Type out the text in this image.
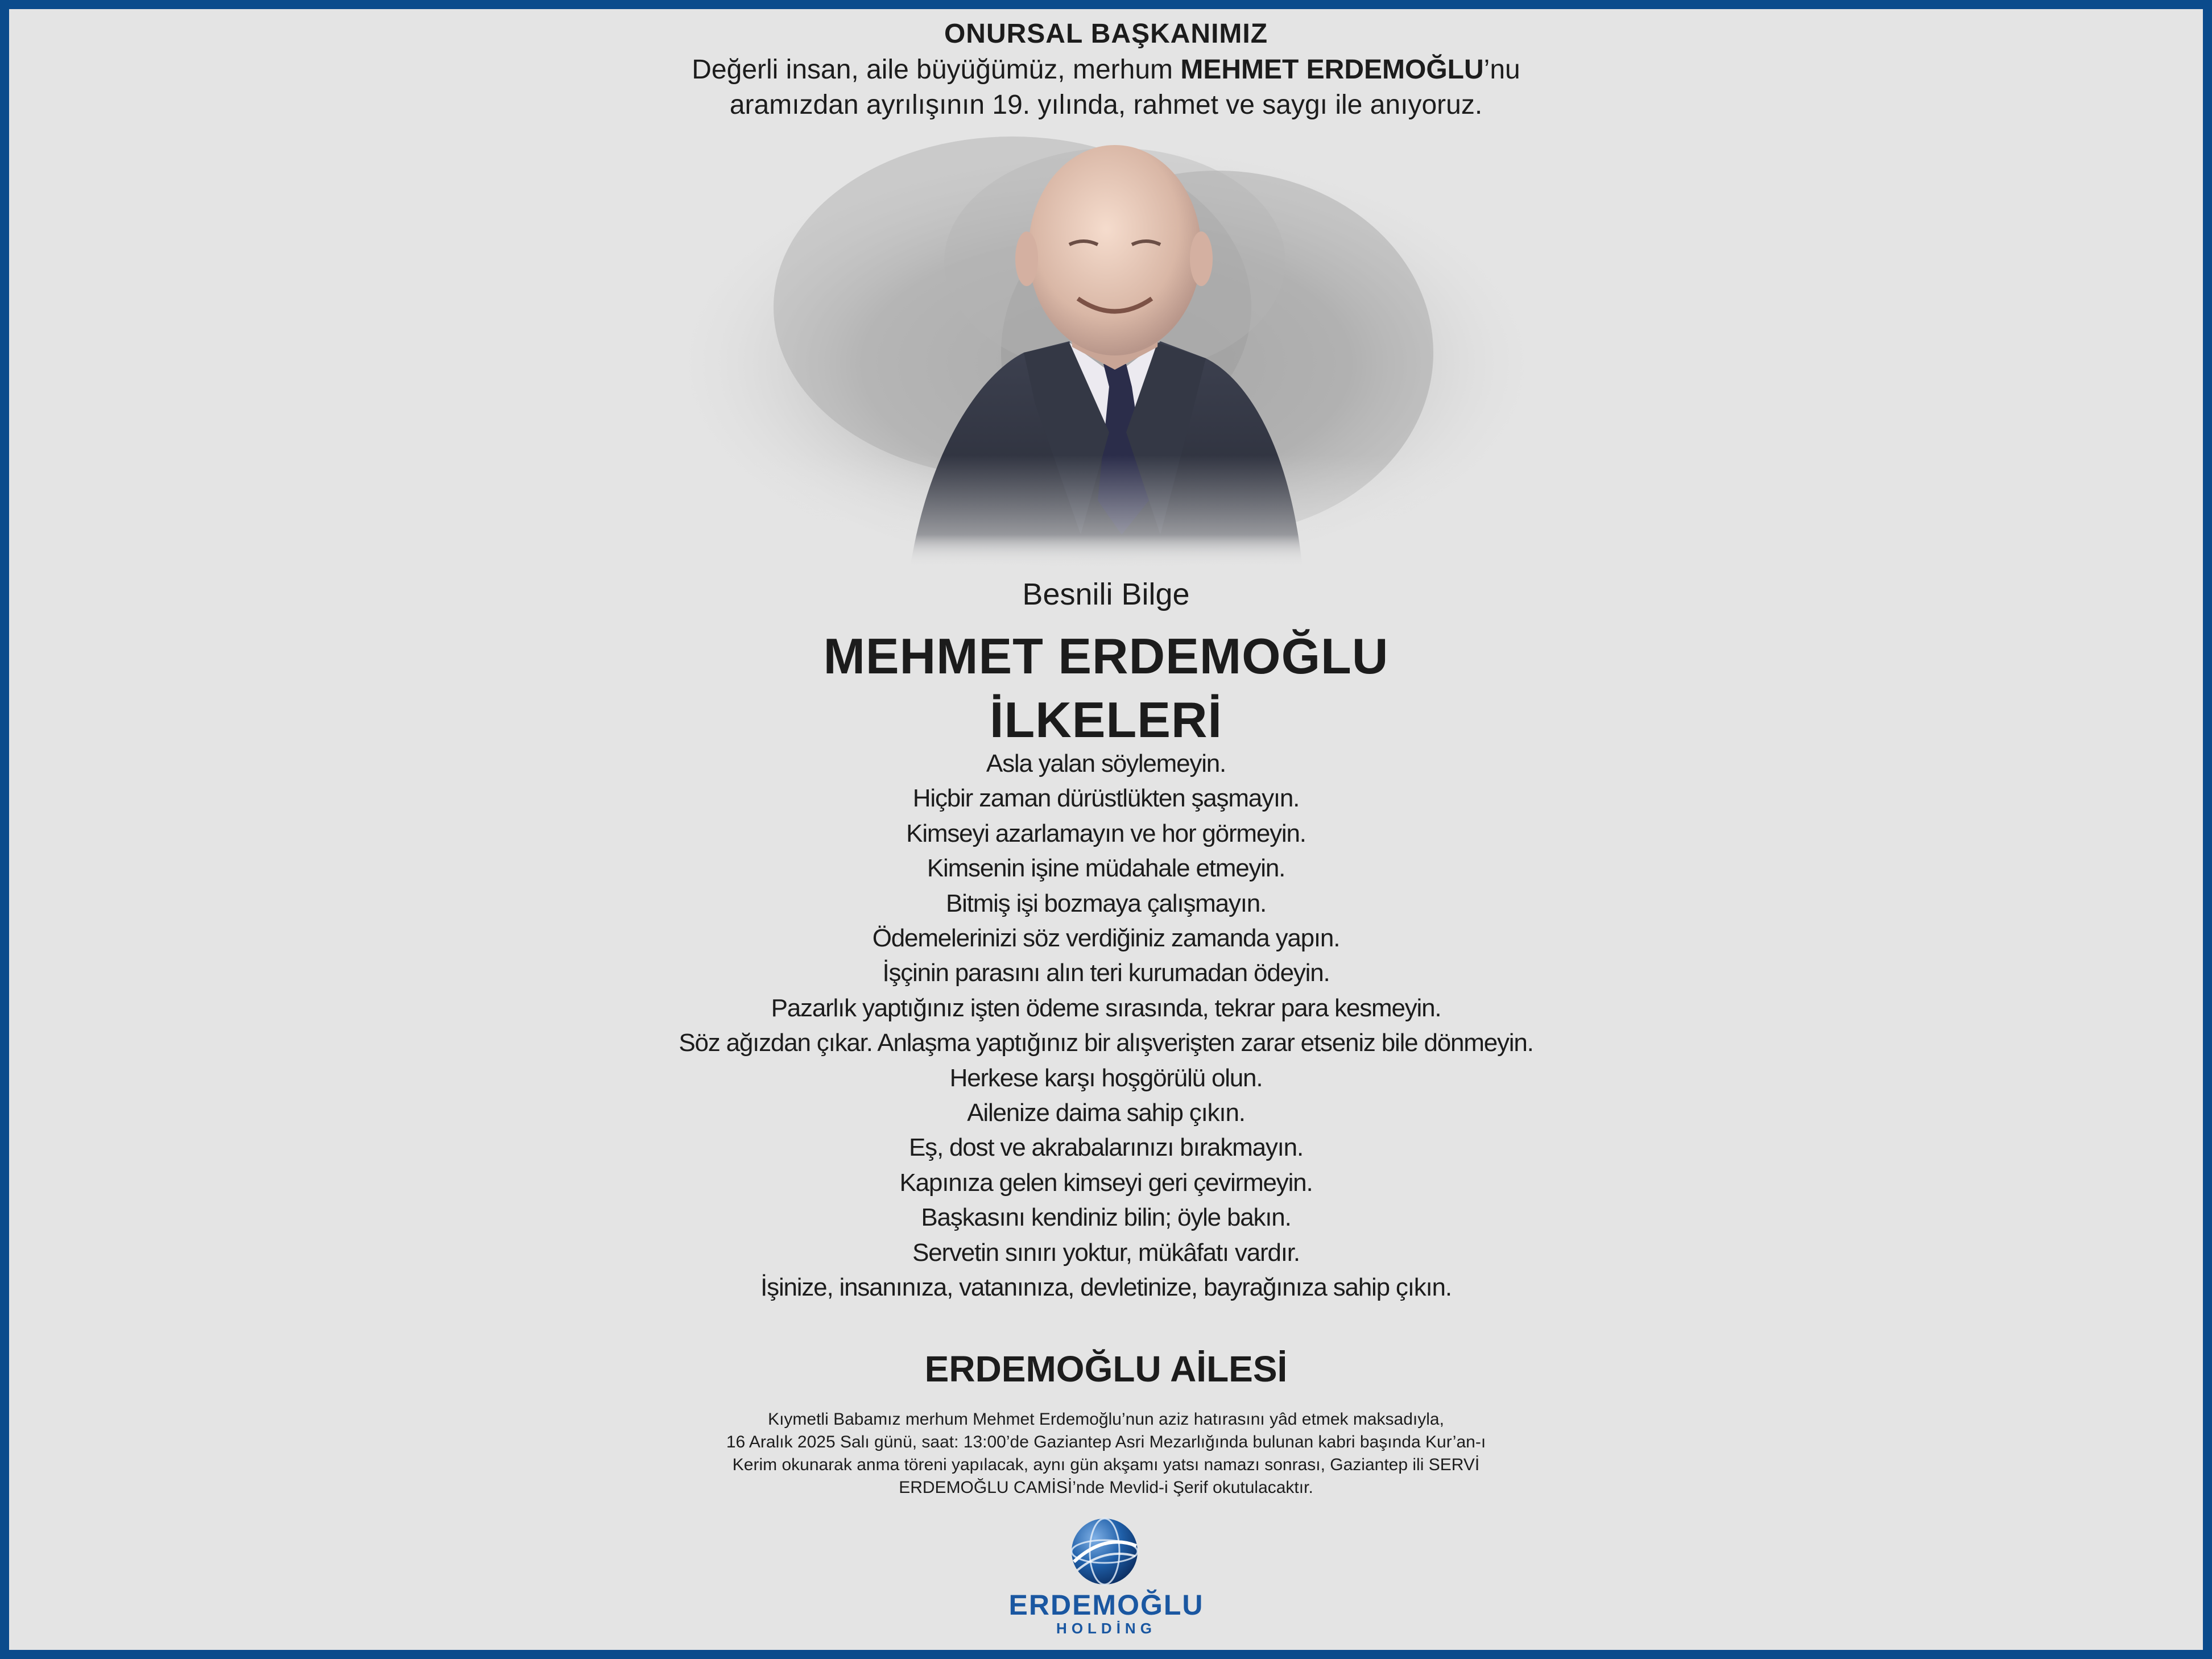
ONURSAL BAŞKANIMIZ
Değerli insan, aile büyüğümüz, merhum MEHMET ERDEMOĞLU’nu
aramızdan ayrılışının 19. yılında, rahmet ve saygı ile anıyoruz.
Besnili Bilge
MEHMET ERDEMOĞLU
İLKELERİ
Asla yalan söylemeyin.
Hiçbir zaman dürüstlükten şaşmayın.
Kimseyi azarlamayın ve hor görmeyin.
Kimsenin işine müdahale etmeyin.
Bitmiş işi bozmaya çalışmayın.
Ödemelerinizi söz verdiğiniz zamanda yapın.
İşçinin parasını alın teri kurumadan ödeyin.
Pazarlık yaptığınız işten ödeme sırasında, tekrar para kesmeyin.
Söz ağızdan çıkar. Anlaşma yaptığınız bir alışverişten zarar etseniz bile dönmeyin.
Herkese karşı hoşgörülü olun.
Ailenize daima sahip çıkın.
Eş, dost ve akrabalarınızı bırakmayın.
Kapınıza gelen kimseyi geri çevirmeyin.
Başkasını kendiniz bilin; öyle bakın.
Servetin sınırı yoktur, mükâfatı vardır.
İşinize, insanınıza, vatanınıza, devletinize, bayrağınıza sahip çıkın.
ERDEMOĞLU AİLESİ
Kıymetli Babamız merhum Mehmet Erdemoğlu’nun aziz hatırasını yâd etmek maksadıyla,
16 Aralık 2025 Salı günü, saat: 13:00’de Gaziantep Asri Mezarlığında bulunan kabri başında Kur’an-ı
Kerim okunarak anma töreni yapılacak, aynı gün akşamı yatsı namazı sonrası, Gaziantep ili SERVİ
ERDEMOĞLU CAMİSİ’nde Mevlid-i Şerif okutulacaktır.
ERDEMOĞLU
HOLDİNG
